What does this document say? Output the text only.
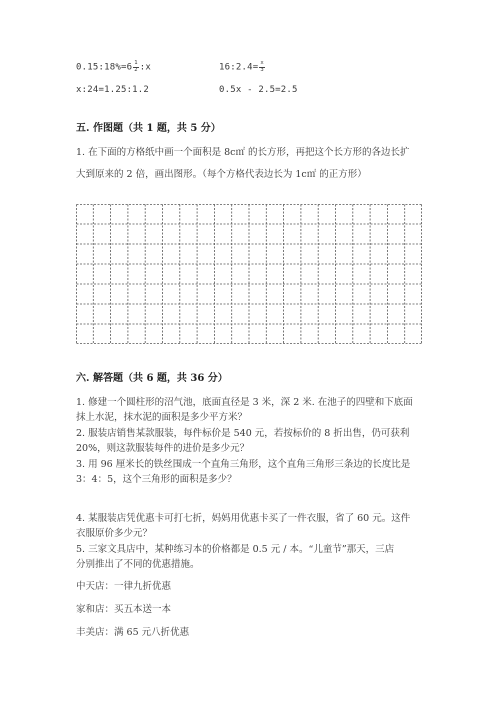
0.15:18%=6 $\frac{1}{2}$ :x	16:2.4= $\frac{x}{3}$
x:24=1.25:1.2	0.5x - 2.5=2.5
五. 作图题（共 1 题，共 5 分）
1. 在下面的方格纸中画一个面积是 8c㎡ 的长方形，再把这个长方形的各边长扩
大到原来的 2 倍，画出图形。（每个方格代表边长为 1c㎡ 的正方形）
六. 解答题（共 6 题，共 36 分）
1. 修建一个圆柱形的沼气池，底面直径是 3 米，深 2 米. 在池子的四壁和下底面
抹上水泥，抹水泥的面积是多少平方米？
2. 服装店销售某款服装，每件标价是 540 元，若按标价的 8 折出售，仍可获利
20%，则这款服装每件的进价是多少元？
3. 用 96 厘米长的铁丝围成一个直角三角形，这个直角三角形三条边的长度比是
3：4：5，这个三角形的面积是多少？
4. 某服装店凭优惠卡可打七折，妈妈用优惠卡买了一件衣服，省了 60 元。这件
衣服原价多少元？
5. 三家文具店中，某种练习本的价格都是 0.5 元 / 本。“儿童节”那天，三店
分别推出了不同的优惠措施。
中天店：一律九折优惠
家和店：买五本送一本
丰美店：满 65 元八折优惠
